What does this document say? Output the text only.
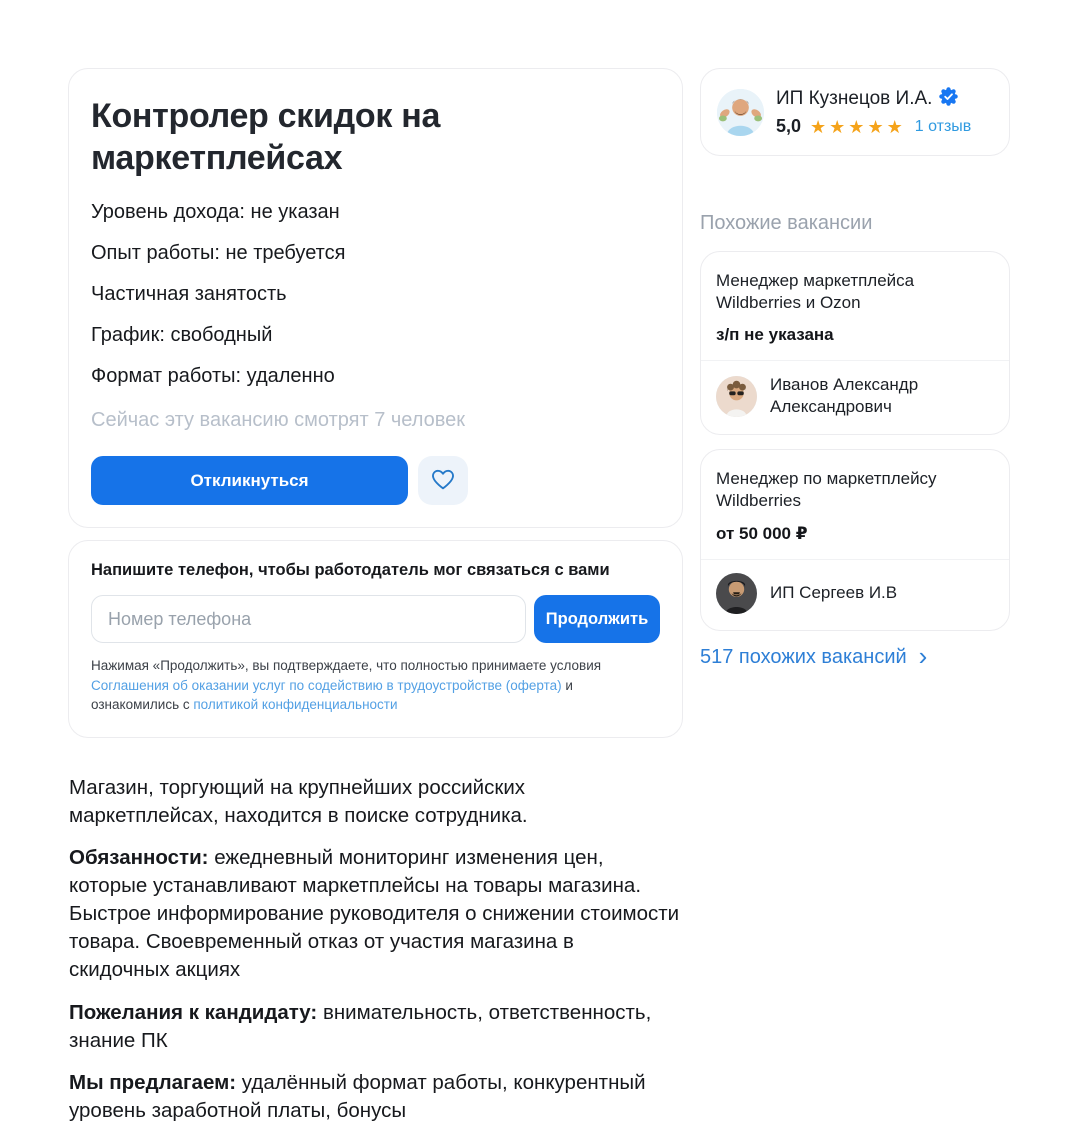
Контролер скидок на маркетплейсах
Уровень дохода: не указан
Опыт работы: не требуется
Частичная занятость
График: свободный
Формат работы: удаленно
Сейчас эту вакансию смотрят 7 человек
Откликнуться
Напишите телефон, чтобы работодатель мог связаться с вами
Номер телефона
Продолжить
Нажимая «Продолжить», вы подтверждаете, что полностью принимаете условия Соглашения об оказании услуг по содействию в трудоустройстве (оферта) и ознакомились с политикой конфиденциальности

Магазин, торгующий на крупнейших российских маркетплейсах, находится в поиске сотрудника.

Обязанности: ежедневный мониторинг изменения цен, которые устанавливают маркетплейсы на товары магазина. Быстрое информирование руководителя о снижении стоимости товара. Своевременный отказ от участия магазина в скидочных акциях

Пожелания к кандидату: внимательность, ответственность, знание ПК

Мы предлагаем: удалённый формат работы, конкурентный уровень заработной платы, бонусы

ИП Кузнецов И.А.
5,0 ★★★★★ 1 отзыв
Похожие вакансии
Менеджер маркетплейса Wildberries и Ozon
з/п не указана
Иванов Александр Александрович
Менеджер по маркетплейсу Wildberries
от 50 000 ₽
ИП Сергеев И.В
517 похожих вакансий ›
